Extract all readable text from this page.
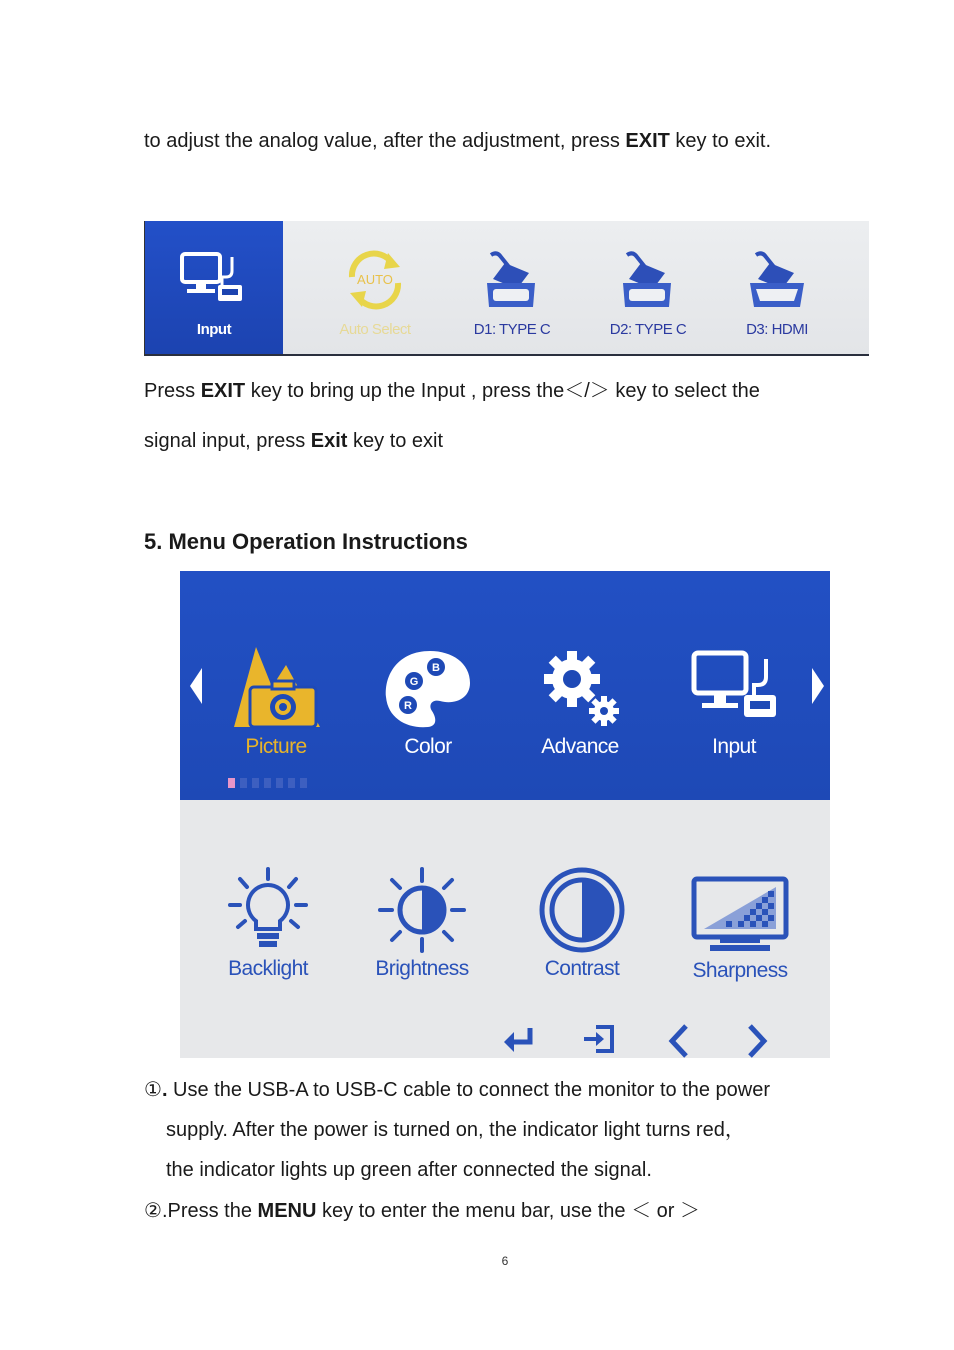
to adjust the analog value, after the adjustment, press EXIT key to exit.
Input
AUTO
Auto Select	D1: TYPE C	D2: TYPE C	D3: HDMI
Press EXIT key to bring up the Input , press the＜/＞ key to select the
signal input, press Exit key to exit
5. Menu Operation Instructions
Picture
G
B
R
Color	Advance	Input
Backlight	Brightness	Contrast	Sharpness
①. Use the USB-A to USB-C cable to connect the monitor to the power
supply. After the power is turned on, the indicator light turns red，
the indicator lights up green after connected the signal.
②.Press the MENU key to enter the menu bar, use the ＜ or ＞
6
